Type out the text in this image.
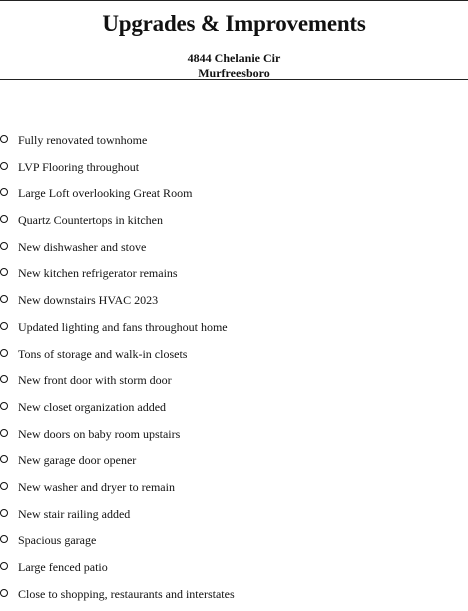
Upgrades & Improvements
4844 Chelanie Cir
Murfreesboro
Fully renovated townhome
LVP Flooring throughout
Large Loft overlooking Great Room
Quartz Countertops in kitchen
New dishwasher and stove
New kitchen refrigerator remains
New downstairs HVAC 2023
Updated lighting and fans throughout home
Tons of storage and walk-in closets
New front door with storm door
New closet organization added
New doors on baby room upstairs
New garage door opener
New washer and dryer to remain
New stair railing added
Spacious garage
Large fenced patio
Close to shopping, restaurants and interstates
